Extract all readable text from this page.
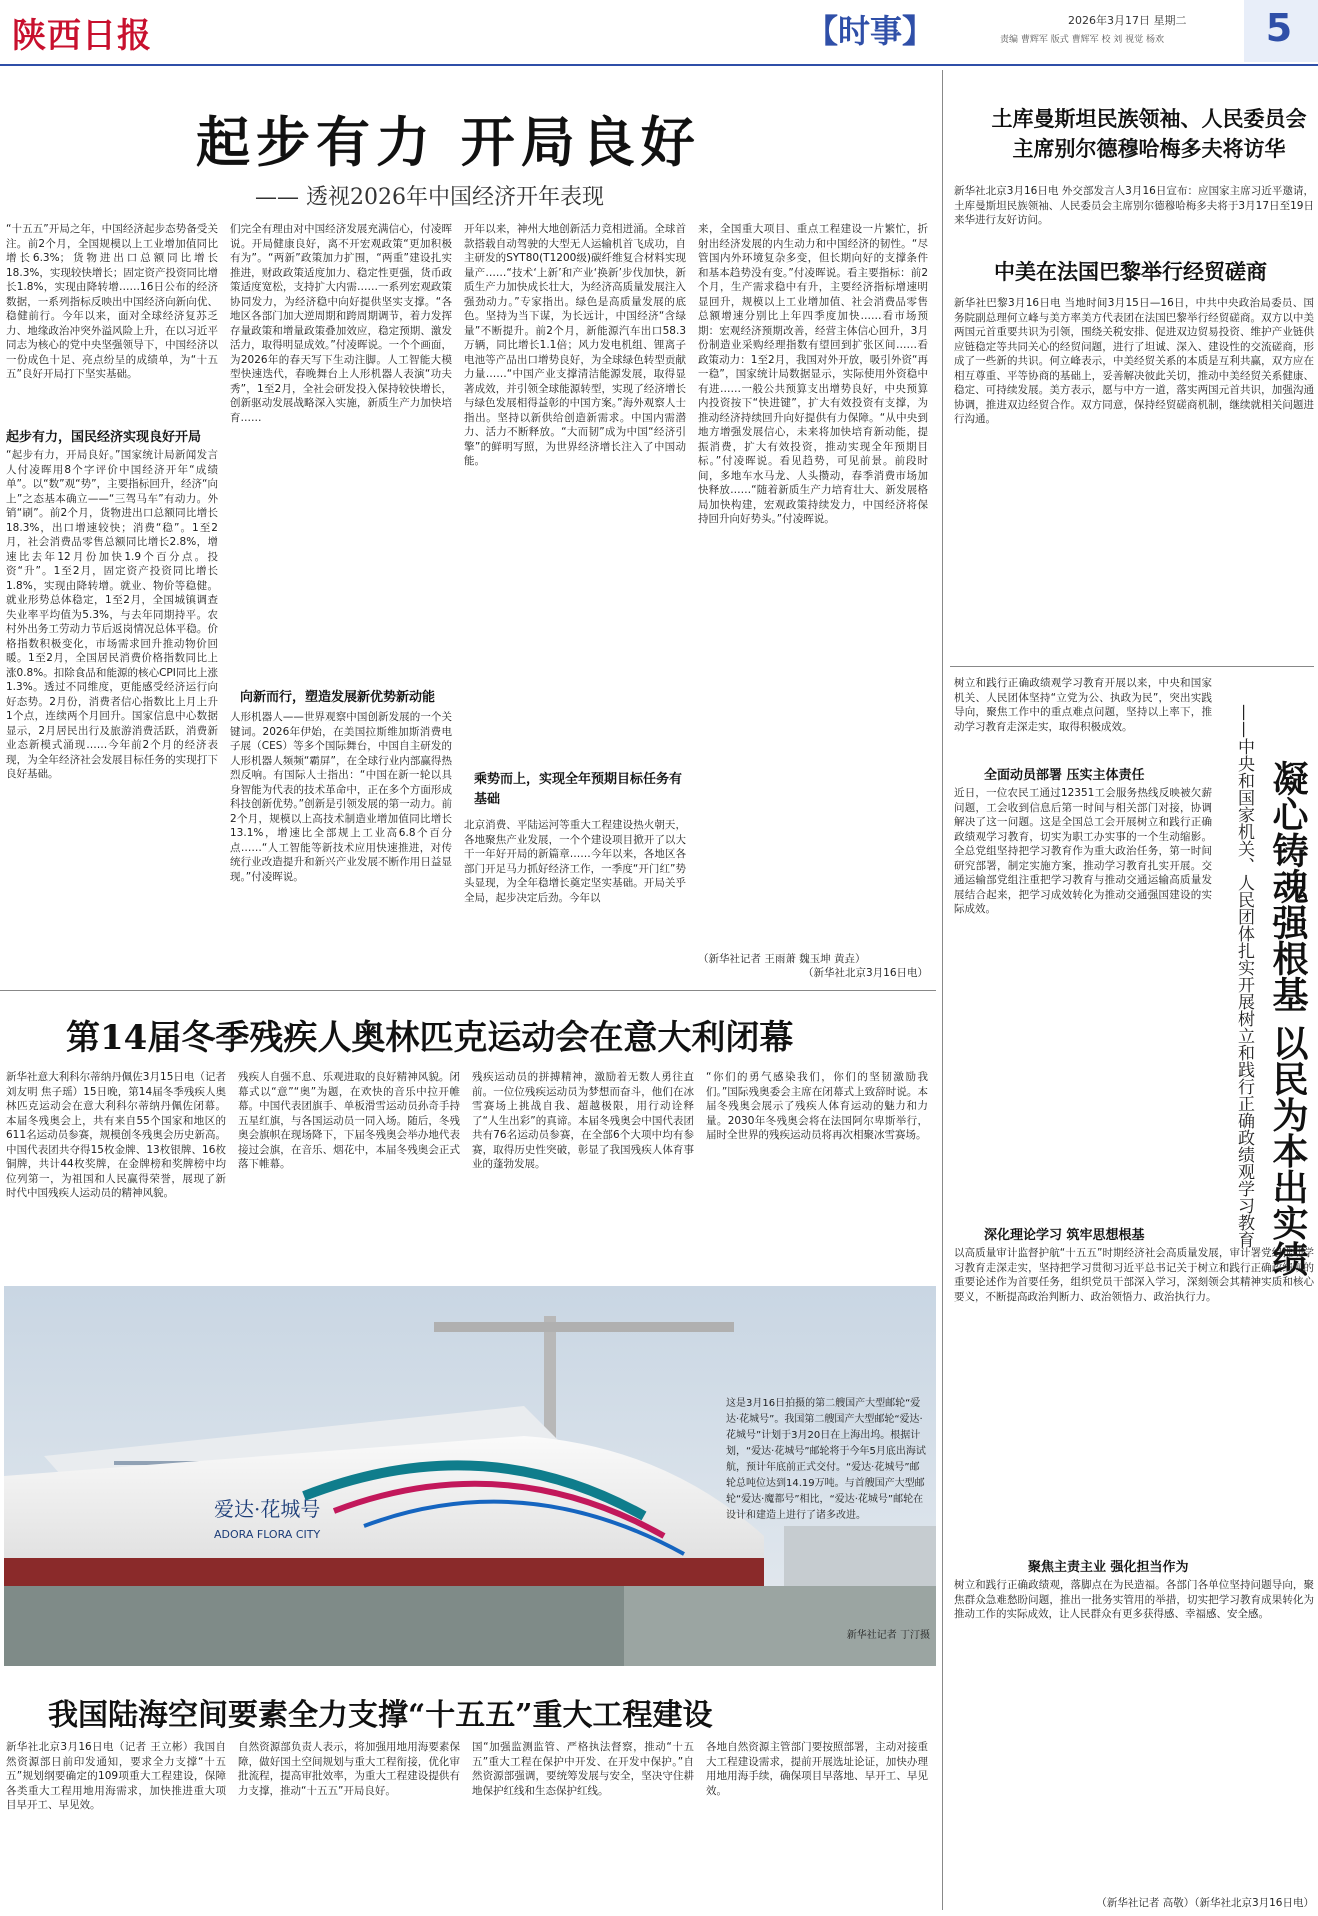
陕西日报	【时事】	2026年3月17日 星期二
责编 曹辉军 版式 曹辉军 校 刘 视觉 杨欢	5
起步有力 开局良好
—— 透视2026年中国经济开年表现
“十五五”开局之年，中国经济起步态势备受关注。前2个月，全国规模以上工业增加值同比增长6.3%；货物进出口总额同比增长18.3%，实现较快增长；固定资产投资同比增长1.8%，实现由降转增……16日公布的经济数据，一系列指标反映出中国经济向新向优、稳健前行。今年以来，面对全球经济复苏乏力、地缘政治冲突外溢风险上升，在以习近平同志为核心的党中央坚强领导下，中国经济以一份成色十足、亮点纷呈的成绩单，为“十五五”良好开局打下坚实基础。
起步有力，国民经济实现良好开局
“起步有力，开局良好。”国家统计局新闻发言人付凌晖用8个字评价中国经济开年“成绩单”。以“数”观“势”，主要指标回升，经济“向上”之态基本确立——“三驾马车”有动力。外销“刷”。前2个月，货物进出口总额同比增长18.3%，出口增速较快；消费“稳”。1至2月，社会消费品零售总额同比增长2.8%，增速比去年12月份加快1.9个百分点。投资“升”。1至2月，固定资产投资同比增长1.8%，实现由降转增。就业、物价等稳健。就业形势总体稳定，1至2月，全国城镇调查失业率平均值为5.3%，与去年同期持平。农村外出务工劳动力节后返岗情况总体平稳。价格指数积极变化，市场需求回升推动物价回暖。1至2月，全国居民消费价格指数同比上涨0.8%。扣除食品和能源的核心CPI同比上涨1.3%。透过不同维度，更能感受经济运行向好态势。2月份，消费者信心指数比上月上升1个点，连续两个月回升。国家信息中心数据显示，2月居民出行及旅游消费活跃，消费新业态新模式涌现……今年前2个月的经济表现，为全年经济社会发展目标任务的实现打下良好基础。
们完全有理由对中国经济发展充满信心，付凌晖说。开局健康良好，离不开宏观政策“更加积极有为”。“两新”政策加力扩围，“两重”建设扎实推进，财政政策适度加力、稳定性更强，货币政策适度宽松，支持扩大内需……一系列宏观政策协同发力，为经济稳中向好提供坚实支撑。“各地区各部门加大逆周期和跨周期调节，着力发挥存量政策和增量政策叠加效应，稳定预期、激发活力，取得明显成效。”付凌晖说。一个个画面，为2026年的春天写下生动注脚。人工智能大模型快速迭代，春晚舞台上人形机器人表演“功夫秀”，1至2月，全社会研发投入保持较快增长，创新驱动发展战略深入实施，新质生产力加快培育……
向新而行，塑造发展新优势新动能
人形机器人——世界观察中国创新发展的一个关键词。2026年伊始，在美国拉斯维加斯消费电子展（CES）等多个国际舞台，中国自主研发的人形机器人频频“霸屏”，在全球行业内部赢得热烈反响。有国际人士指出：“中国在新一轮以具身智能为代表的技术革命中，正在多个方面形成科技创新优势。”创新是引领发展的第一动力。前2个月，规模以上高技术制造业增加值同比增长13.1%，增速比全部规上工业高6.8个百分点……“人工智能等新技术应用快速推进，对传统行业改造提升和新兴产业发展不断作用日益显现。”付凌晖说。
开年以来，神州大地创新活力竞相迸涌。全球首款搭载自动驾驶的大型无人运输机首飞成功，自主研发的SYT80(T1200级)碳纤维复合材料实现量产……“技术‘上新’和产业‘换新’步伐加快，新质生产力加快成长壮大，为经济高质量发展注入强劲动力。”专家指出。绿色是高质量发展的底色。坚持为当下谋，为长远计，中国经济“含绿量”不断提升。前2个月，新能源汽车出口58.3万辆，同比增长1.1倍；风力发电机组、锂离子电池等产品出口增势良好，为全球绿色转型贡献力量……“中国产业支撑清洁能源发展，取得显著成效，并引领全球能源转型，实现了经济增长与绿色发展相得益彰的中国方案。”海外观察人士指出。坚持以新供给创造新需求。中国内需潜力、活力不断释放。“大而韧”成为中国“经济引擎”的鲜明写照，为世界经济增长注入了中国动能。
乘势而上，实现全年预期目标任务有基础
北京消费、平陆运河等重大工程建设热火朝天，各地聚焦产业发展，一个个建设项目掀开了以大干一年好开局的新篇章……今年以来，各地区各部门开足马力抓好经济工作，一季度“开门红”势头显现，为全年稳增长奠定坚实基础。开局关乎全局，起步决定后劲。今年以
来，全国重大项目、重点工程建设一片繁忙，折射出经济发展的内生动力和中国经济的韧性。“尽管国内外环境复杂多变，但长期向好的支撑条件和基本趋势没有变。”付凌晖说。看主要指标：前2个月，生产需求稳中有升，主要经济指标增速明显回升，规模以上工业增加值、社会消费品零售总额增速分别比上年四季度加快……看市场预期：宏观经济预期改善，经营主体信心回升，3月份制造业采购经理指数有望回到扩张区间……看政策动力：1至2月，我国对外开放，吸引外资“再一稳”，国家统计局数据显示，实际使用外资稳中有进……一般公共预算支出增势良好，中央预算内投资按下“快进键”，扩大有效投资有支撑，为推动经济持续回升向好提供有力保障。“从中央到地方增强发展信心，未来将加快培育新动能，提振消费，扩大有效投资，推动实现全年预期目标。”付凌晖说。看见趋势，可见前景。前段时间，多地车水马龙、人头攒动，春季消费市场加快释放……“随着新质生产力培育壮大、新发展格局加快构建，宏观政策持续发力，中国经济将保持回升向好势头。”付凌晖说。
（新华社记者 王雨萧 魏玉坤 黄垚）
（新华社北京3月16日电）
第14届冬季残疾人奥林匹克运动会在意大利闭幕
新华社意大利科尔蒂纳丹佩佐3月15日电（记者 刘友明 焦子瑶）15日晚，第14届冬季残疾人奥林匹克运动会在意大利科尔蒂纳丹佩佐闭幕。本届冬残奥会上，共有来自55个国家和地区的611名运动员参赛，规模创冬残奥会历史新高。中国代表团共夺得15枚金牌、13枚银牌、16枚铜牌，共计44枚奖牌，在金牌榜和奖牌榜中均位列第一，为祖国和人民赢得荣誉，展现了新时代中国残疾人运动员的精神风貌。
残疾人自强不息、乐观进取的良好精神风貌。闭幕式以“意”“奥”为题，在欢快的音乐中拉开帷幕。中国代表团旗手、单板滑雪运动员孙奇手持五星红旗，与各国运动员一同入场。随后，冬残奥会旗帜在现场降下，下届冬残奥会举办地代表接过会旗，在音乐、烟花中，本届冬残奥会正式落下帷幕。
残疾运动员的拼搏精神，激励着无数人勇往直前。一位位残疾运动员为梦想而奋斗，他们在冰雪赛场上挑战自我、超越极限，用行动诠释了“人生出彩”的真谛。本届冬残奥会中国代表团共有76名运动员参赛，在全部6个大项中均有参赛，取得历史性突破，彰显了我国残疾人体育事业的蓬勃发展。
“你们的勇气感染我们，你们的坚韧激励我们。”国际残奥委会主席在闭幕式上致辞时说。本届冬残奥会展示了残疾人体育运动的魅力和力量。2030年冬残奥会将在法国阿尔卑斯举行，届时全世界的残疾运动员将再次相聚冰雪赛场。
爱达·花城号
ADORA FLORA CITY
这是3月16日拍摄的第二艘国产大型邮轮“爱达·花城号”。我国第二艘国产大型邮轮“爱达·花城号”计划于3月20日在上海出坞。根据计划，“爱达·花城号”邮轮将于今年5月底出海试航，预计年底前正式交付。“爱达·花城号”邮轮总吨位达到14.19万吨。与首艘国产大型邮轮“爱达·魔都号”相比，“爱达·花城号”邮轮在设计和建造上进行了诸多改进。
新华社记者 丁汀摄
我国陆海空间要素全力支撑“十五五”重大工程建设
新华社北京3月16日电（记者 王立彬）我国自然资源部日前印发通知，要求全力支撑“十五五”规划纲要确定的109项重大工程建设，保障各类重大工程用地用海需求，加快推进重大项目早开工、早见效。
自然资源部负责人表示，将加强用地用海要素保障，做好国土空间规划与重大工程衔接，优化审批流程，提高审批效率，为重大工程建设提供有力支撑，推动“十五五”开局良好。
国“加强监测监管、严格执法督察，推动“十五五”重大工程在保护中开发、在开发中保护。”自然资源部强调，要统筹发展与安全，坚决守住耕地保护红线和生态保护红线。
各地自然资源主管部门要按照部署，主动对接重大工程建设需求，提前开展选址论证，加快办理用地用海手续，确保项目早落地、早开工、早见效。
土库曼斯坦民族领袖、人民委员会主席别尔德穆哈梅多夫将访华
新华社北京3月16日电 外交部发言人3月16日宣布：应国家主席习近平邀请，土库曼斯坦民族领袖、人民委员会主席别尔德穆哈梅多夫将于3月17日至19日来华进行友好访问。
中美在法国巴黎举行经贸磋商
新华社巴黎3月16日电 当地时间3月15日—16日，中共中央政治局委员、国务院副总理何立峰与美方率美方代表团在法国巴黎举行经贸磋商。双方以中美两国元首重要共识为引领，围绕关税安排、促进双边贸易投资、维护产业链供应链稳定等共同关心的经贸问题，进行了坦诚、深入、建设性的交流磋商，形成了一些新的共识。何立峰表示，中美经贸关系的本质是互利共赢，双方应在相互尊重、平等协商的基础上，妥善解决彼此关切，推动中美经贸关系健康、稳定、可持续发展。美方表示，愿与中方一道，落实两国元首共识，加强沟通协调，推进双边经贸合作。双方同意，保持经贸磋商机制，继续就相关问题进行沟通。
树立和践行正确政绩观学习教育开展以来，中央和国家机关、人民团体坚持“立党为公、执政为民”，突出实践导向，聚焦工作中的重点难点问题，坚持以上率下，推动学习教育走深走实，取得积极成效。
凝心铸魂强根基 以民为本出实绩
——中央和国家机关、人民团体扎实开展树立和践行正确政绩观学习教育
全面动员部署 压实主体责任
近日，一位农民工通过12351工会服务热线反映被欠薪问题，工会收到信息后第一时间与相关部门对接，协调解决了这一问题。这是全国总工会开展树立和践行正确政绩观学习教育，切实为职工办实事的一个生动缩影。全总党组坚持把学习教育作为重大政治任务，第一时间研究部署，制定实施方案，推动学习教育扎实开展。交通运输部党组注重把学习教育与推动交通运输高质量发展结合起来，把学习成效转化为推动交通强国建设的实际成效。
深化理论学习 筑牢思想根基
以高质量审计监督护航“十五五”时期经济社会高质量发展，审计署党组推动学习教育走深走实，坚持把学习贯彻习近平总书记关于树立和践行正确政绩观的重要论述作为首要任务，组织党员干部深入学习，深刻领会其精神实质和核心要义，不断提高政治判断力、政治领悟力、政治执行力。
聚焦主责主业 强化担当作为
树立和践行正确政绩观，落脚点在为民造福。各部门各单位坚持问题导向，聚焦群众急难愁盼问题，推出一批务实管用的举措，切实把学习教育成果转化为推动工作的实际成效，让人民群众有更多获得感、幸福感、安全感。
（新华社记者 高敬）（新华社北京3月16日电）
